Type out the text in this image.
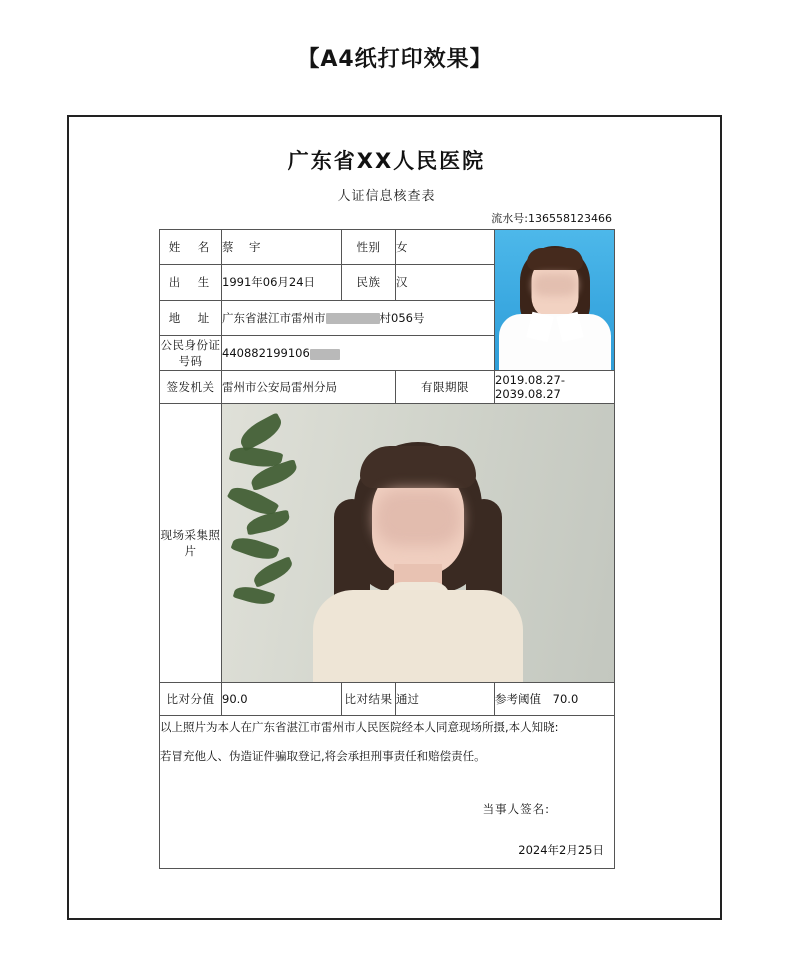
【A4纸打印效果】
广东省XX人民医院
人证信息核查表
流水号:136558123466
姓　名	蔡　宇	性别	女	

出　生	1991年06月24日	民族	汉	
地　址	广东省湛江市雷州市 村056号			
公民身份证号码	440882199106			
签发机关	雷州市公安局雷州分局		有限期限	2019.08.27-2039.08.27
现场采集照片				

比对分值	90.0	比对结果	通过	参考阈值 70.0

以上照片为本人在广东省湛江市雷州市人民医院经本人同意现场所摄,本人知晓:
若冒充他人、伪造证件骗取登记,将会承担刑事责任和赔偿责任。
当事人签名:
2024年2月25日				
